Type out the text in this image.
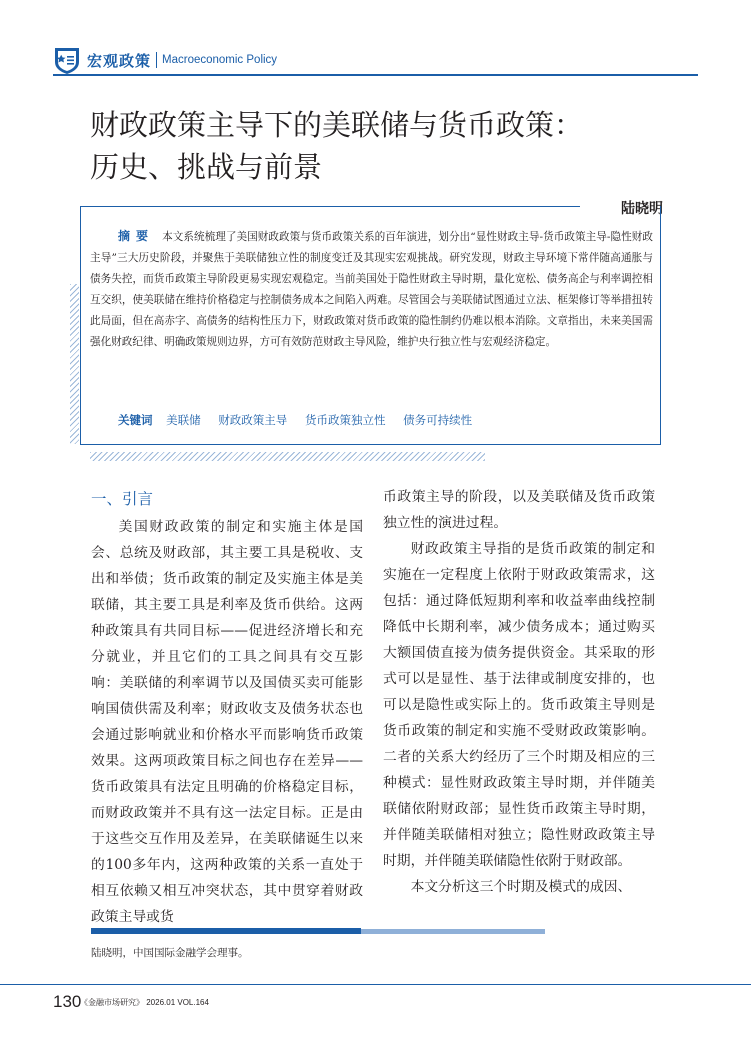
宏观政策 Macroeconomic Policy
财政政策主导下的美联储与货币政策：
历史、挑战与前景
陆晓明
摘要 本文系统梳理了美国财政政策与货币政策关系的百年演进，划分出“显性财政主导-货币政策主导-隐性财政主导”三大历史阶段，并聚焦于美联储独立性的制度变迁及其现实宏观挑战。研究发现，财政主导环境下常伴随高通胀与债务失控，而货币政策主导阶段更易实现宏观稳定。当前美国处于隐性财政主导时期，量化宽松、债务高企与利率调控相互交织，使美联储在维持价格稳定与控制债务成本之间陷入两难。尽管国会与美联储试图通过立法、框架修订等举措扭转此局面，但在高赤字、高债务的结构性压力下，财政政策对货币政策的隐性制约仍难以根本消除。文章指出，未来美国需强化财政纪律、明确政策规则边界，方可有效防范财政主导风险，维护央行独立性与宏观经济稳定。
关键词 美联储 财政政策主导 货币政策独立性 债务可持续性
一、引言

美国财政政策的制定和实施主体是国会、总统及财政部，其主要工具是税收、支出和举债；货币政策的制定及实施主体是美联储，其主要工具是利率及货币供给。这两种政策具有共同目标——促进经济增长和充分就业，并且它们的工具之间具有交互影响：美联储的利率调节以及国债买卖可能影响国债供需及利率；财政收支及债务状态也会通过影响就业和价格水平而影响货币政策效果。这两项政策目标之间也存在差异——货币政策具有法定且明确的价格稳定目标，而财政政策并不具有这一法定目标。正是由于这些交互作用及差异，在美联储诞生以来的100多年内，这两种政策的关系一直处于相互依赖又相互冲突状态，其中贯穿着财政政策主导或货

币政策主导的阶段，以及美联储及货币政策独立性的演进过程。

财政政策主导指的是货币政策的制定和实施在一定程度上依附于财政政策需求，这包括：通过降低短期利率和收益率曲线控制降低中长期利率，减少债务成本；通过购买大额国债直接为债务提供资金。其采取的形式可以是显性、基于法律或制度安排的，也可以是隐性或实际上的。货币政策主导则是货币政策的制定和实施不受财政政策影响。二者的关系大约经历了三个时期及相应的三种模式：显性财政政策主导时期，并伴随美联储依附财政部；显性货币政策主导时期，并伴随美联储相对独立；隐性财政政策主导时期，并伴随美联储隐性依附于财政部。

本文分析这三个时期及模式的成因、

陆晓明，中国国际金融学会理事。
130
《金融市场研究》 2026.01 VOL.164
